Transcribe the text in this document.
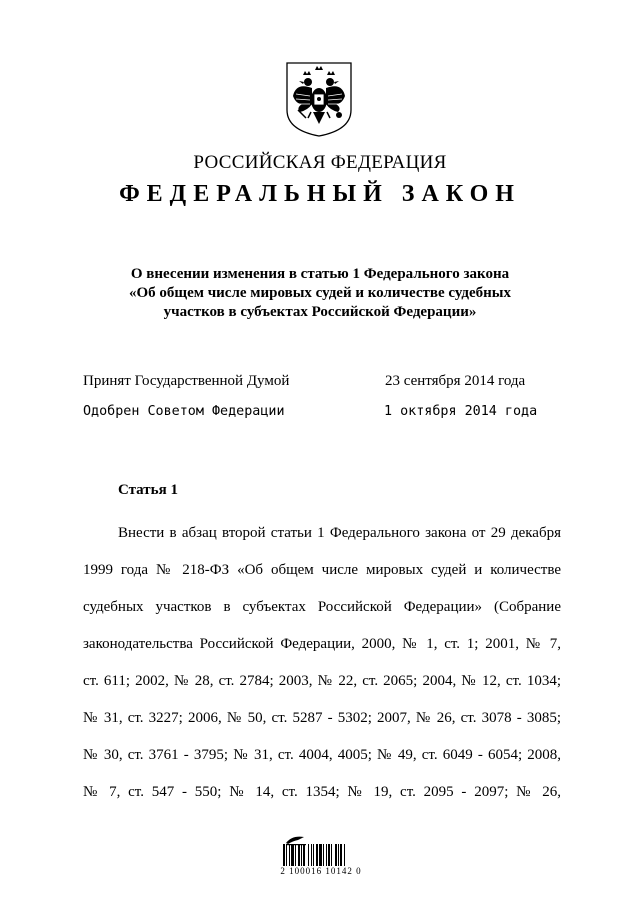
РОССИЙСКАЯ ФЕДЕРАЦИЯ
ФЕДЕРАЛЬНЫЙ ЗАКОН
О внесении изменения в статью 1 Федерального закона
«Об общем числе мировых судей и количестве судебных
участков в субъектах Российской Федерации»
Принят Государственной Думой	23 сентября 2014 года
Одобрен Советом Федерации	1 октября 2014 года
Статья 1
Внести в абзац второй статьи 1 Федерального закона от 29 декабря
1999 года № 218-ФЗ «Об общем числе мировых судей и количестве
судебных участков в субъектах Российской Федерации» (Собрание
законодательства Российской Федерации, 2000, № 1, ст. 1; 2001, № 7,
ст. 611; 2002, № 28, ст. 2784; 2003, № 22, ст. 2065; 2004, № 12, ст. 1034;
№ 31, ст. 3227; 2006, № 50, ст. 5287 - 5302; 2007, № 26, ст. 3078 - 3085;
№ 30, ст. 3761 - 3795; № 31, ст. 4004, 4005; № 49, ст. 6049 - 6054; 2008,
№ 7, ст. 547 - 550; № 14, ст. 1354; № 19, ст. 2095 - 2097; № 26,
2 100016 10142 0
